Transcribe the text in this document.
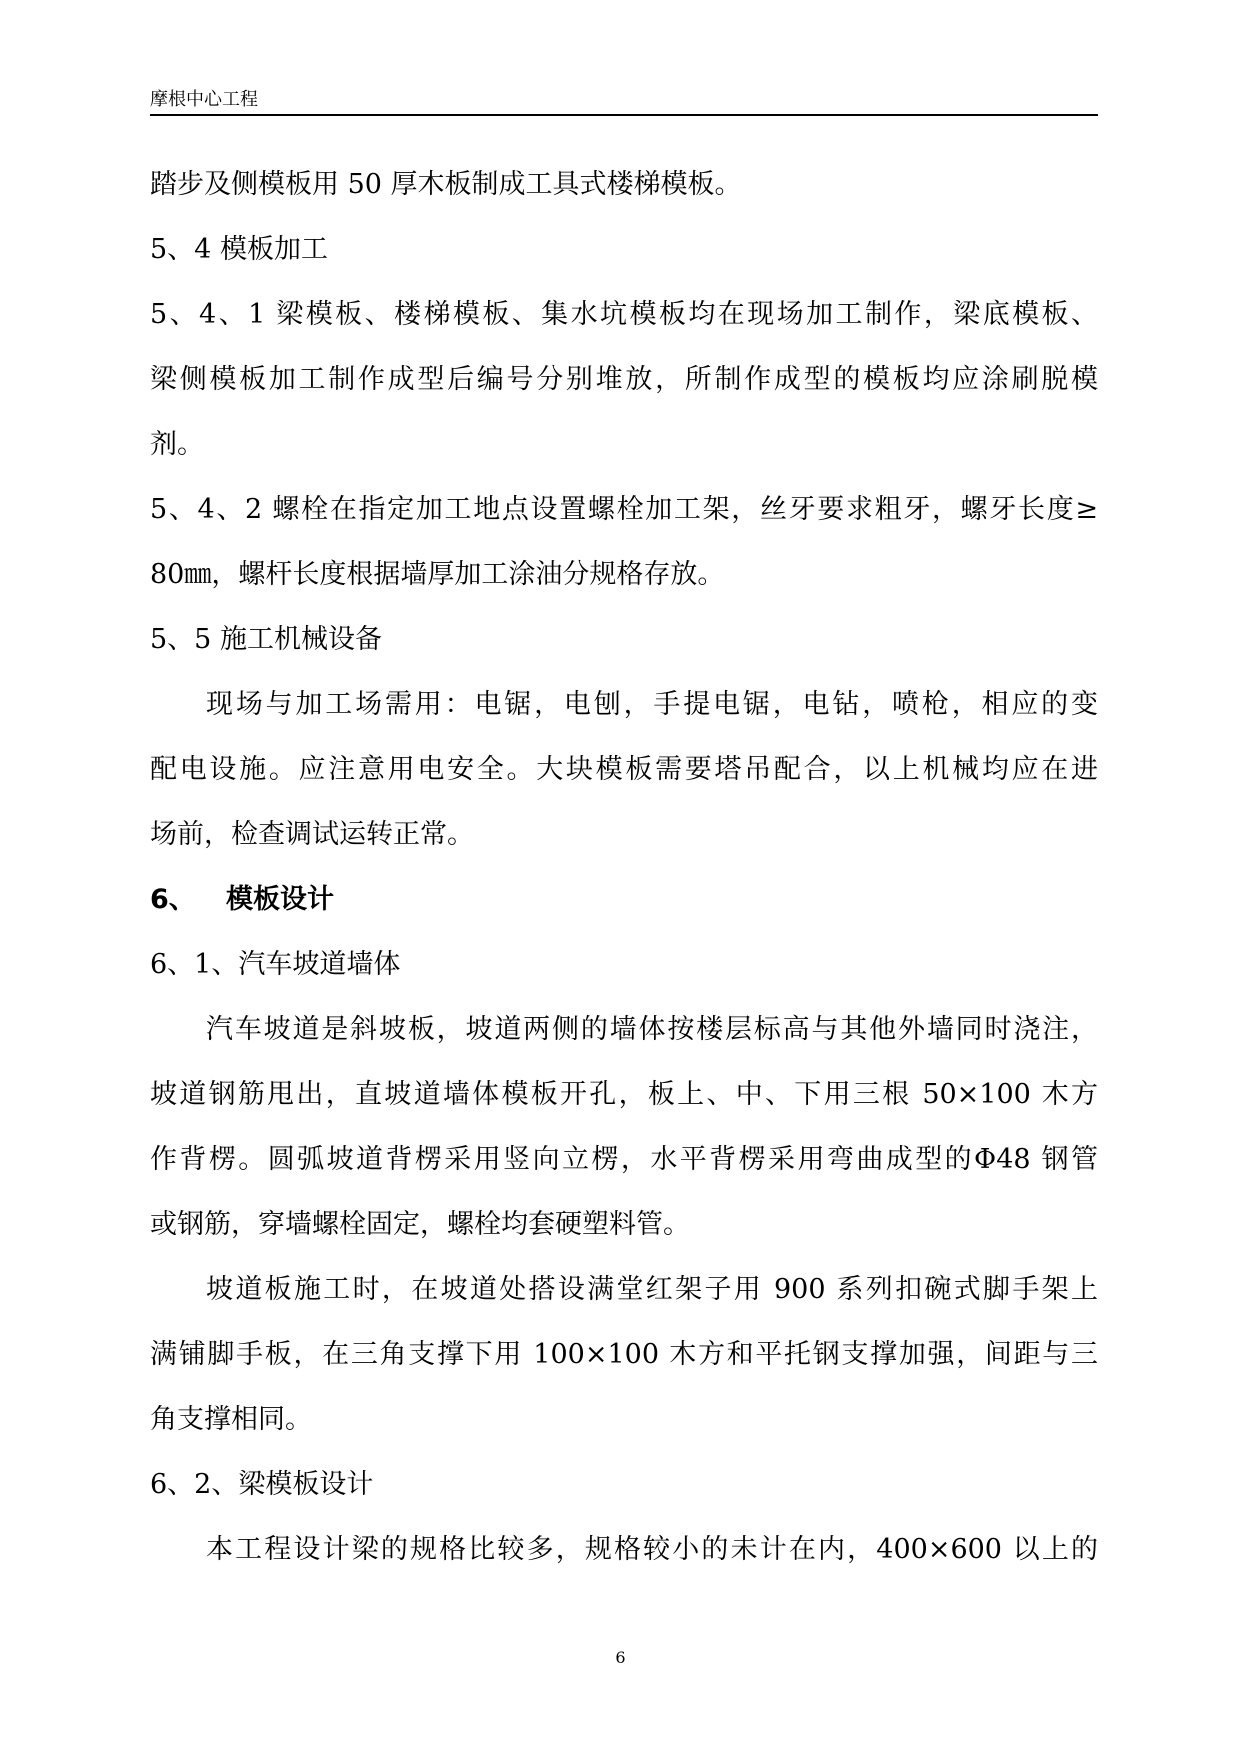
摩根中心工程
踏步及侧模板用 50 厚木板制成工具式楼梯模板。
5、4 模板加工
5、4、1 梁模板、楼梯模板、集水坑模板均在现场加工制作，梁底模板、
梁侧模板加工制作成型后编号分别堆放，所制作成型的模板均应涂刷脱模
剂。
5、4、2 螺栓在指定加工地点设置螺栓加工架，丝牙要求粗牙，螺牙长度≥
80㎜，螺杆长度根据墙厚加工涂油分规格存放。
5、5 施工机械设备
现场与加工场需用：电锯，电刨，手提电锯，电钻，喷枪，相应的变
配电设施。应注意用电安全。大块模板需要塔吊配合，以上机械均应在进
场前，检查调试运转正常。
6、 模板设计
6、1、汽车坡道墙体
汽车坡道是斜坡板，坡道两侧的墙体按楼层标高与其他外墙同时浇注，
坡道钢筋甩出，直坡道墙体模板开孔，板上、中、下用三根 50×100 木方
作背楞。圆弧坡道背楞采用竖向立楞，水平背楞采用弯曲成型的Φ48 钢管
或钢筋，穿墙螺栓固定，螺栓均套硬塑料管。
坡道板施工时，在坡道处搭设满堂红架子用 900 系列扣碗式脚手架上
满铺脚手板，在三角支撑下用 100×100 木方和平托钢支撑加强，间距与三
角支撑相同。
6、2、梁模板设计
本工程设计梁的规格比较多，规格较小的未计在内，400×600 以上的
6
